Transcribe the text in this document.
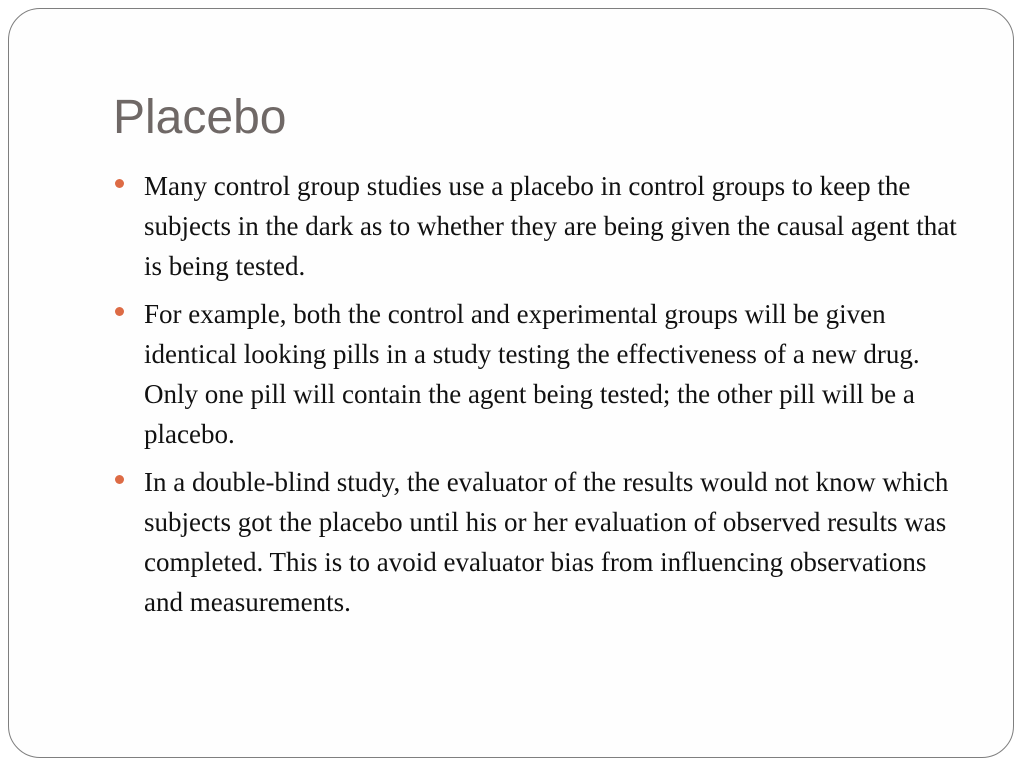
Placebo
Many control group studies use a placebo in control groups to keep the subjects in the dark as to whether they are being given the causal agent that is being tested.
For example, both the control and experimental groups will be given identical looking pills in a study testing the effectiveness of a new drug. Only one pill will contain the agent being tested; the other pill will be a placebo.
In a double-blind study, the evaluator of the results would not know which subjects got the placebo until his or her evaluation of observed results was completed. This is to avoid evaluator bias from influencing observations and measurements.
